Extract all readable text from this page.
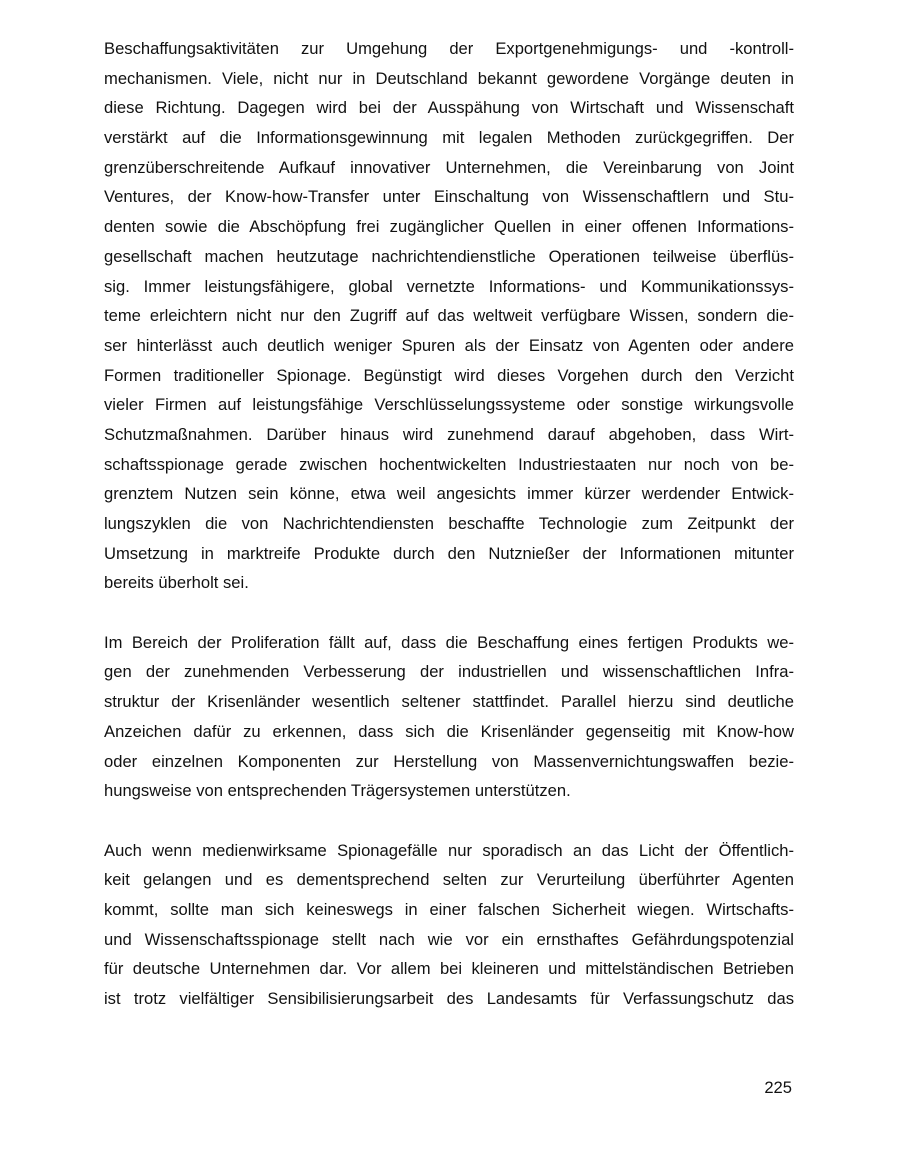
Beschaffungsaktivitäten zur Umgehung der Exportgenehmigungs- und -kontroll-
mechanismen. Viele, nicht nur in Deutschland bekannt gewordene Vorgänge deuten in
diese Richtung. Dagegen wird bei der Ausspähung von Wirtschaft und Wissenschaft
verstärkt auf die Informationsgewinnung mit legalen Methoden zurückgegriffen. Der
grenzüberschreitende Aufkauf innovativer Unternehmen, die Vereinbarung von Joint
Ventures, der Know-how-Transfer unter Einschaltung von Wissenschaftlern und Stu-
denten sowie die Abschöpfung frei zugänglicher Quellen in einer offenen Informations-
gesellschaft machen heutzutage nachrichtendienstliche Operationen teilweise überflüs-
sig. Immer leistungsfähigere, global vernetzte Informations- und Kommunikationssys-
teme erleichtern nicht nur den Zugriff auf das weltweit verfügbare Wissen, sondern die-
ser hinterlässt auch deutlich weniger Spuren als der Einsatz von Agenten oder andere
Formen traditioneller Spionage. Begünstigt wird dieses Vorgehen durch den Verzicht
vieler Firmen auf leistungsfähige Verschlüsselungssysteme oder sonstige wirkungsvolle
Schutzmaßnahmen. Darüber hinaus wird zunehmend darauf abgehoben, dass Wirt-
schaftsspionage gerade zwischen hochentwickelten Industriestaaten nur noch von be-
grenztem Nutzen sein könne, etwa weil angesichts immer kürzer werdender Entwick-
lungszyklen die von Nachrichtendiensten beschaffte Technologie zum Zeitpunkt der
Umsetzung in marktreife Produkte durch den Nutznießer der Informationen mitunter
bereits überholt sei.
Im Bereich der Proliferation fällt auf, dass die Beschaffung eines fertigen Produkts we-
gen der zunehmenden Verbesserung der industriellen und wissenschaftlichen Infra-
struktur der Krisenländer wesentlich seltener stattfindet. Parallel hierzu sind deutliche
Anzeichen dafür zu erkennen, dass sich die Krisenländer gegenseitig mit Know-how
oder einzelnen Komponenten zur Herstellung von Massenvernichtungswaffen bezie-
hungsweise von entsprechenden Trägersystemen unterstützen.
Auch wenn medienwirksame Spionagefälle nur sporadisch an das Licht der Öffentlich-
keit gelangen und es dementsprechend selten zur Verurteilung überführter Agenten
kommt, sollte man sich keineswegs in einer falschen Sicherheit wiegen. Wirtschafts-
und Wissenschaftsspionage stellt nach wie vor ein ernsthaftes Gefährdungspotenzial
für deutsche Unternehmen dar. Vor allem bei kleineren und mittelständischen Betrieben
ist trotz vielfältiger Sensibilisierungsarbeit des Landesamts für Verfassungschutz das
225
